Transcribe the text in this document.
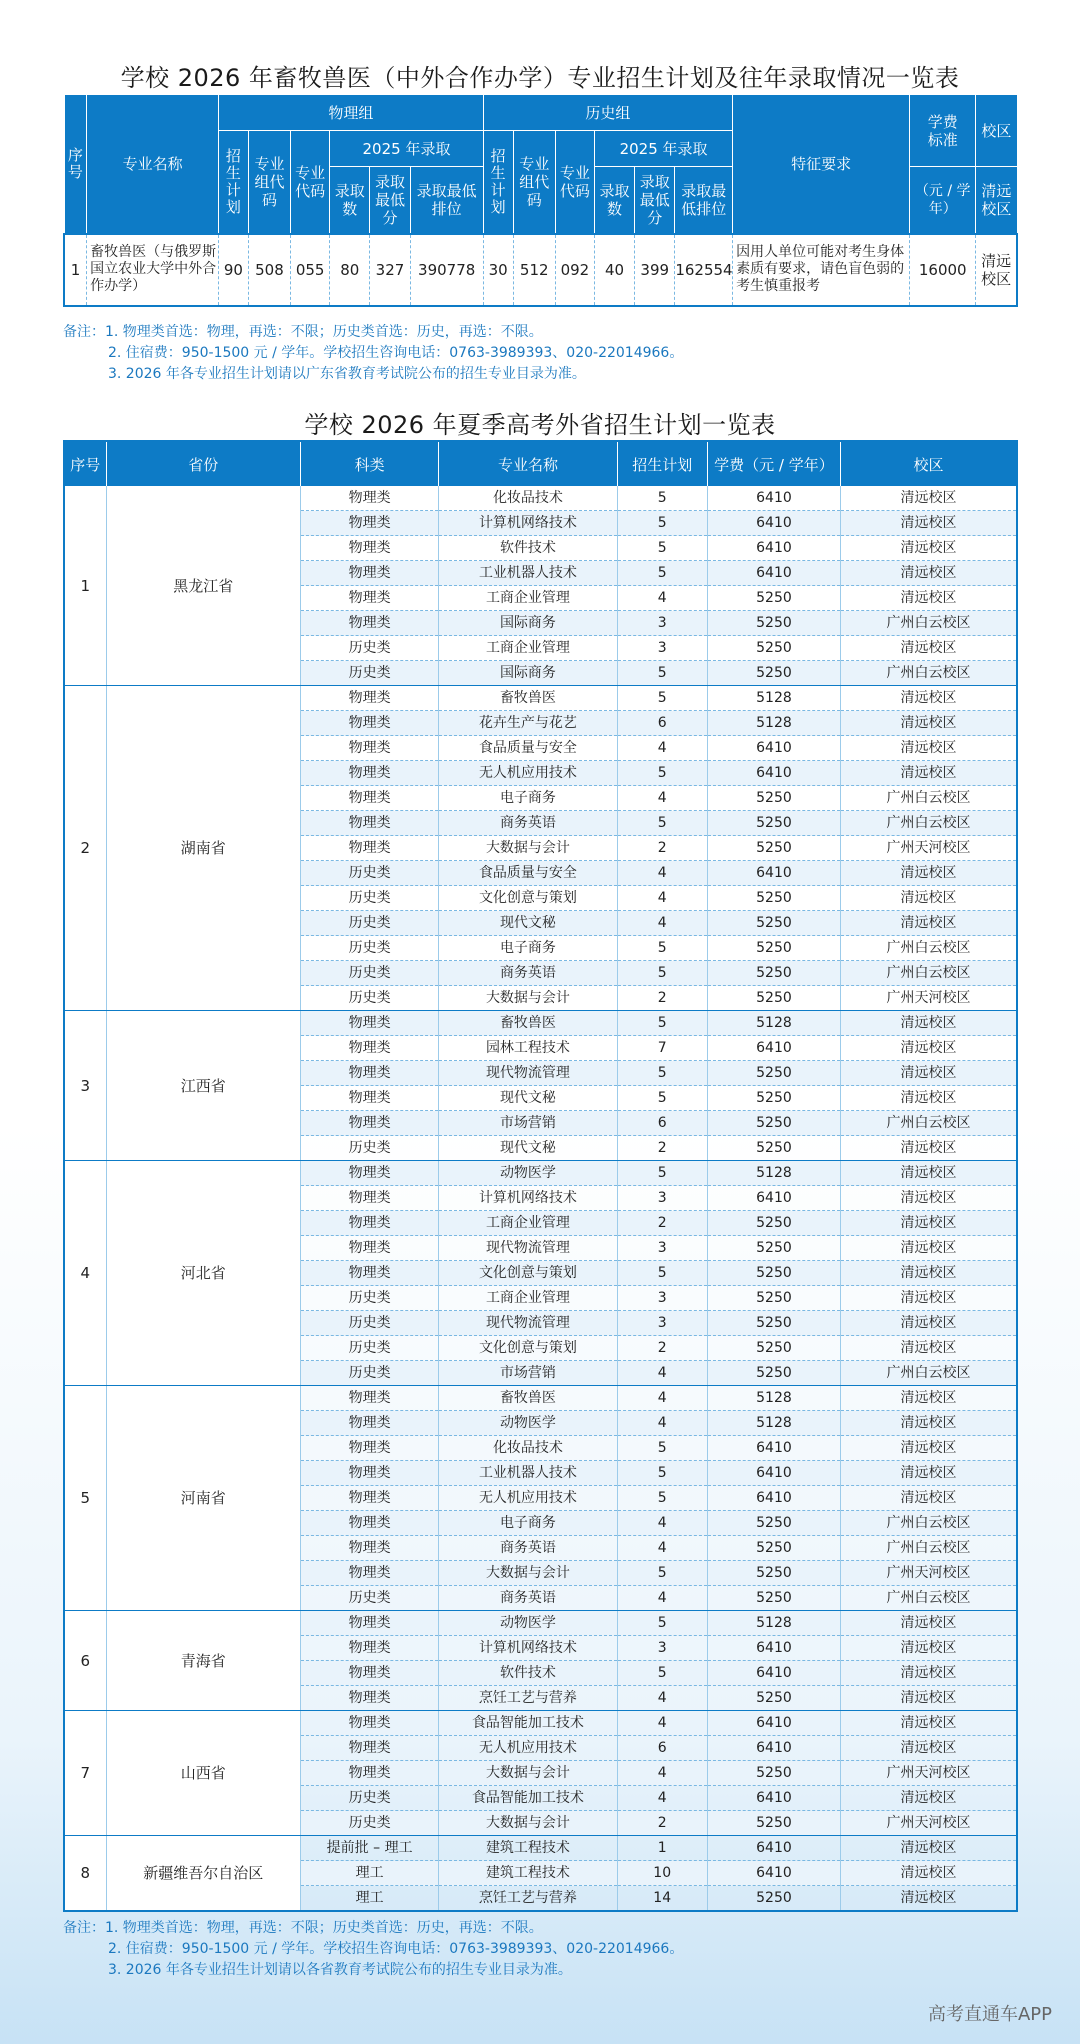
学校 2026 年畜牧兽医（中外合作办学）专业招生计划及往年录取情况一览表
序号	专业名称	物理组						历史组						特征要求	学费标准	校区
		招生计划	专业组代码	专业代码	2025 年录取			招生计划	专业组代码	专业代码	2025 年录取					
					录取数	录取最低分	录取最低排位				录取数	录取最低分	录取最低排位		（元 / 学年）	清远校区
1	畜牧兽医（与俄罗斯国立农业大学中外合作办学）	90	508	055	80	327	390778	30	512	092	40	399	162554	因用人单位可能对考生身体素质有要求，请色盲色弱的考生慎重报考	16000	清远校区
备注：1. 物理类首选：物理，再选：不限；历史类首选：历史，再选：不限。
2. 住宿费：950-1500 元 / 学年。学校招生咨询电话：0763-3989393、020-22014966。
3. 2026 年各专业招生计划请以广东省教育考试院公布的招生专业目录为准。
学校 2026 年夏季高考外省招生计划一览表
序号	省份	科类	专业名称	招生计划	学费（元 / 学年）	校区
1	黑龙江省	物理类	化妆品技术	5	6410	清远校区
		物理类	计算机网络技术	5	6410	清远校区
		物理类	软件技术	5	6410	清远校区
		物理类	工业机器人技术	5	6410	清远校区
		物理类	工商企业管理	4	5250	清远校区
		物理类	国际商务	3	5250	广州白云校区
		历史类	工商企业管理	3	5250	清远校区
		历史类	国际商务	5	5250	广州白云校区
2	湖南省	物理类	畜牧兽医	5	5128	清远校区
		物理类	花卉生产与花艺	6	5128	清远校区
		物理类	食品质量与安全	4	6410	清远校区
		物理类	无人机应用技术	5	6410	清远校区
		物理类	电子商务	4	5250	广州白云校区
		物理类	商务英语	5	5250	广州白云校区
		物理类	大数据与会计	2	5250	广州天河校区
		历史类	食品质量与安全	4	6410	清远校区
		历史类	文化创意与策划	4	5250	清远校区
		历史类	现代文秘	4	5250	清远校区
		历史类	电子商务	5	5250	广州白云校区
		历史类	商务英语	5	5250	广州白云校区
		历史类	大数据与会计	2	5250	广州天河校区
3	江西省	物理类	畜牧兽医	5	5128	清远校区
		物理类	园林工程技术	7	6410	清远校区
		物理类	现代物流管理	5	5250	清远校区
		物理类	现代文秘	5	5250	清远校区
		物理类	市场营销	6	5250	广州白云校区
		历史类	现代文秘	2	5250	清远校区
4	河北省	物理类	动物医学	5	5128	清远校区
		物理类	计算机网络技术	3	6410	清远校区
		物理类	工商企业管理	2	5250	清远校区
		物理类	现代物流管理	3	5250	清远校区
		物理类	文化创意与策划	5	5250	清远校区
		历史类	工商企业管理	3	5250	清远校区
		历史类	现代物流管理	3	5250	清远校区
		历史类	文化创意与策划	2	5250	清远校区
		历史类	市场营销	4	5250	广州白云校区
5	河南省	物理类	畜牧兽医	4	5128	清远校区
		物理类	动物医学	4	5128	清远校区
		物理类	化妆品技术	5	6410	清远校区
		物理类	工业机器人技术	5	6410	清远校区
		物理类	无人机应用技术	5	6410	清远校区
		物理类	电子商务	4	5250	广州白云校区
		物理类	商务英语	4	5250	广州白云校区
		物理类	大数据与会计	5	5250	广州天河校区
		历史类	商务英语	4	5250	广州白云校区
6	青海省	物理类	动物医学	5	5128	清远校区
		物理类	计算机网络技术	3	6410	清远校区
		物理类	软件技术	5	6410	清远校区
		物理类	烹饪工艺与营养	4	5250	清远校区
7	山西省	物理类	食品智能加工技术	4	6410	清远校区
		物理类	无人机应用技术	6	6410	清远校区
		物理类	大数据与会计	4	5250	广州天河校区
		历史类	食品智能加工技术	4	6410	清远校区
		历史类	大数据与会计	2	5250	广州天河校区
8	新疆维吾尔自治区	提前批 – 理工	建筑工程技术	1	6410	清远校区
		理工	建筑工程技术	10	6410	清远校区
		理工	烹饪工艺与营养	14	5250	清远校区
备注：1. 物理类首选：物理，再选：不限；历史类首选：历史，再选：不限。
2. 住宿费：950-1500 元 / 学年。学校招生咨询电话：0763-3989393、020-22014966。
3. 2026 年各专业招生计划请以各省教育考试院公布的招生专业目录为准。
高考直通车APP
